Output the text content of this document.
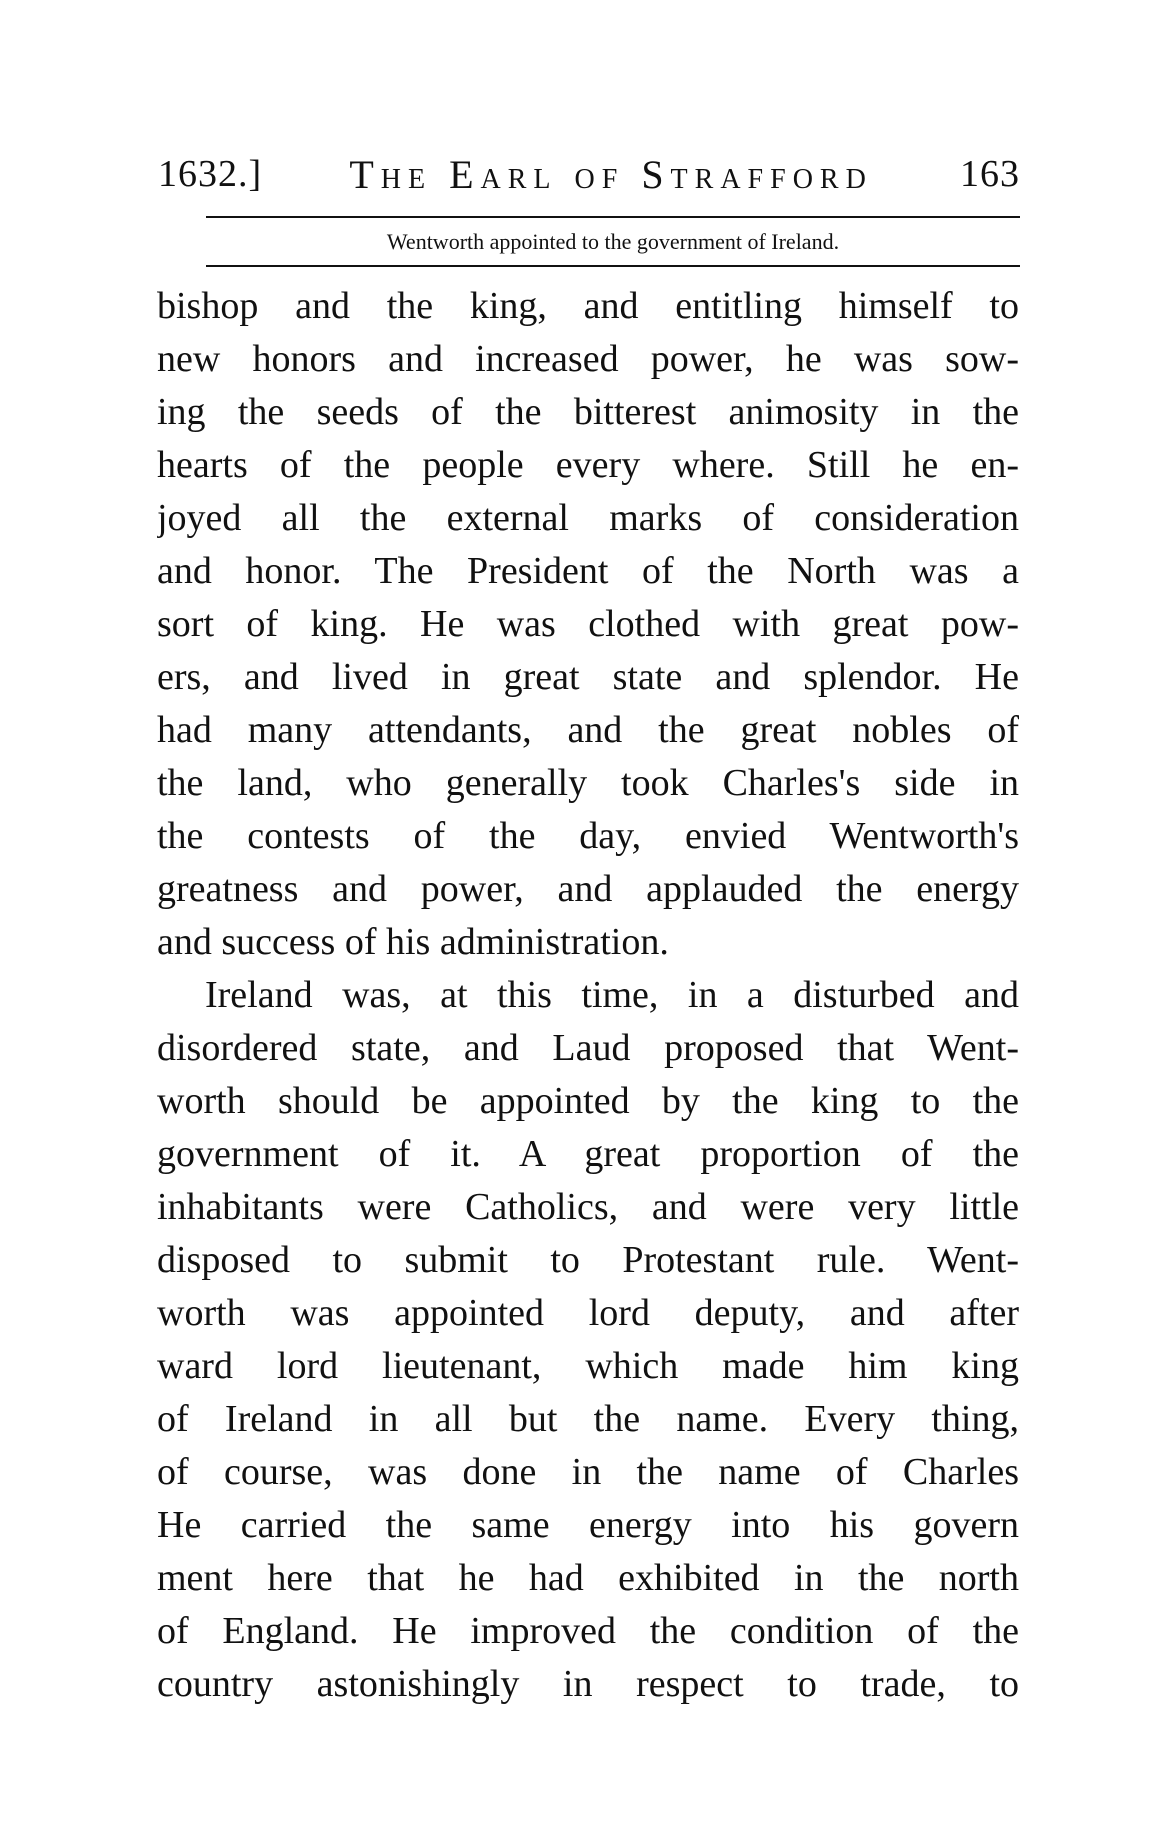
1632.] The Earl of Strafford 163
Wentworth appointed to the government of Ireland.
bishop and the king, and entitling himself to
new honors and increased power, he was sow-
ing the seeds of the bitterest animosity in the
hearts of the people every where. Still he en-
joyed all the external marks of consideration
and honor. The President of the North was a
sort of king. He was clothed with great pow-
ers, and lived in great state and splendor. He
had many attendants, and the great nobles of
the land, who generally took Charles's side in
the contests of the day, envied Wentworth's
greatness and power, and applauded the energy
and success of his administration.
Ireland was, at this time, in a disturbed and
disordered state, and Laud proposed that Went-
worth should be appointed by the king to the
government of it. A great proportion of the
inhabitants were Catholics, and were very little
disposed to submit to Protestant rule. Went-
worth was appointed lord deputy, and after
ward lord lieutenant, which made him king
of Ireland in all but the name. Every thing,
of course, was done in the name of Charles
He carried the same energy into his govern
ment here that he had exhibited in the north
of England. He improved the condition of the
country astonishingly in respect to trade, to
